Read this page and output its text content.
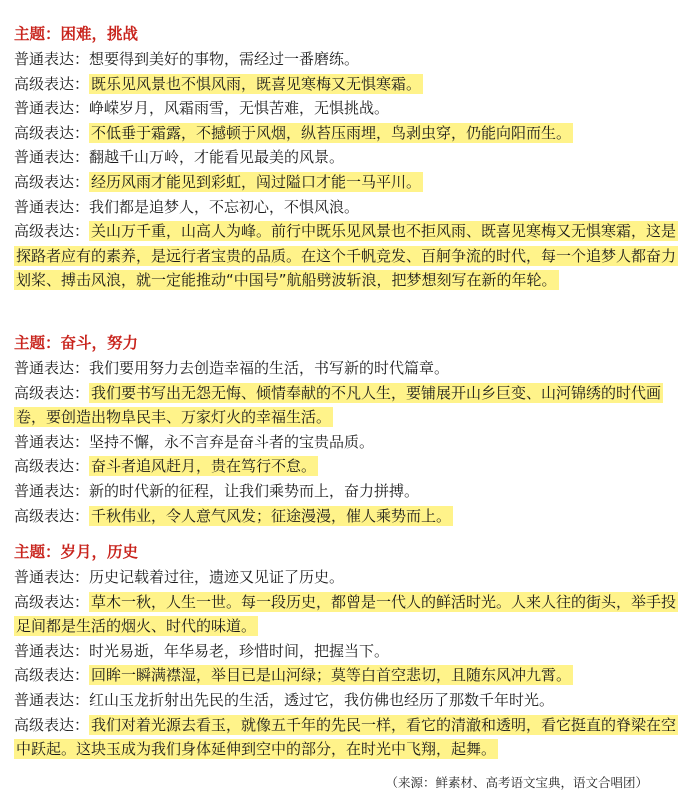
主题：困难，挑战
普通表达：想要得到美好的事物，需经过一番磨练。
高级表达： 既乐见风景也不惧风雨，既喜见寒梅又无惧寒霜。
普通表达：峥嵘岁月，风霜雨雪，无惧苦难，无惧挑战。
高级表达： 不低垂于霜露，不撼顿于风烟，纵苔压雨埋，鸟剥虫穿，仍能向阳而生。
普通表达：翻越千山万岭，才能看见最美的风景。
高级表达： 经历风雨才能见到彩虹，闯过隘口才能一马平川。
普通表达：我们都是追梦人，不忘初心，不惧风浪。
高级表达： 关山万千重，山高人为峰。前行中既乐见风景也不拒风雨、既喜见寒梅又无惧寒霜，这是探路者应有的素养，是远行者宝贵的品质。在这个千帆竞发、百舸争流的时代，每一个追梦人都奋力划桨、搏击风浪，就一定能推动“中国号”航船劈波斩浪，把梦想刻写在新的年轮。
主题：奋斗，努力
普通表达：我们要用努力去创造幸福的生活，书写新的时代篇章。
高级表达： 我们要书写出无怨无悔、倾情奉献的不凡人生，要铺展开山乡巨变、山河锦绣的时代画卷，要创造出物阜民丰、万家灯火的幸福生活。
普通表达：坚持不懈，永不言弃是奋斗者的宝贵品质。
高级表达： 奋斗者追风赶月，贵在笃行不怠。
普通表达：新的时代新的征程，让我们乘势而上，奋力拼搏。
高级表达： 千秋伟业，令人意气风发；征途漫漫，催人乘势而上。
主题：岁月，历史
普通表达：历史记载着过往，遗迹又见证了历史。
高级表达： 草木一秋，人生一世。每一段历史，都曾是一代人的鲜活时光。人来人往的街头，举手投足间都是生活的烟火、时代的味道。
普通表达：时光易逝，年华易老，珍惜时间，把握当下。
高级表达： 回眸一瞬满襟湿，举目已是山河绿；莫等白首空悲切，且随东风冲九霄。
普通表达：红山玉龙折射出先民的生活，透过它，我仿佛也经历了那数千年时光。
高级表达： 我们对着光源去看玉，就像五千年的先民一样，看它的清澈和透明，看它挺直的脊梁在空中跃起。这块玉成为我们身体延伸到空中的部分，在时光中飞翔，起舞。
（来源：鲜素材、高考语文宝典，语文合唱团）
